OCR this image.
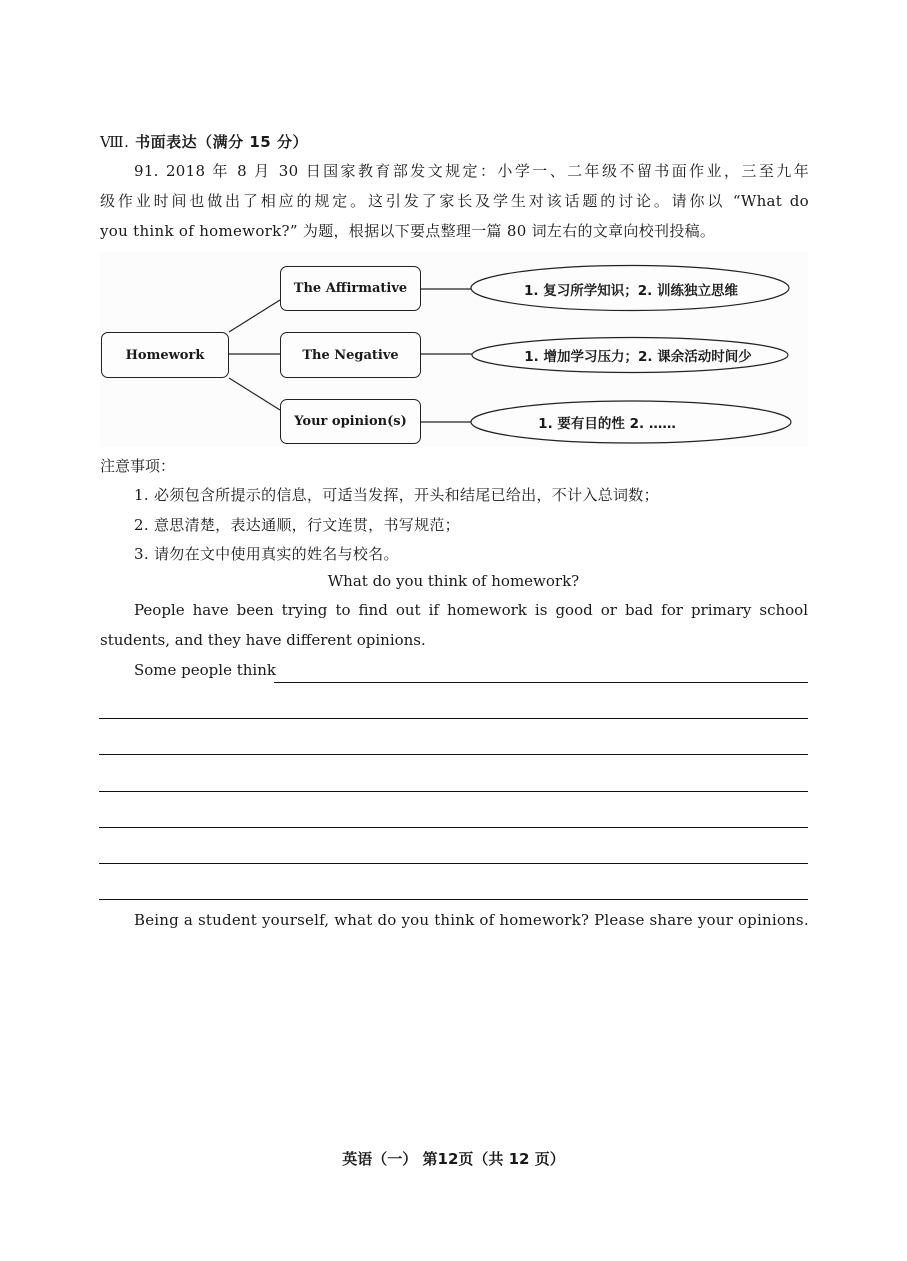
Ⅷ. 书面表达（满分 15 分）
91. 2018 年 8 月 30 日国家教育部发文规定：小学一、二年级不留书面作业，三至九年
级作业时间也做出了相应的规定。这引发了家长及学生对该话题的讨论。请你以 “What do
you think of homework?” 为题，根据以下要点整理一篇 80 词左右的文章向校刊投稿。
Homework
The Affirmative
The Negative
Your opinion(s)
1. 复习所学知识；2. 训练独立思维
1. 增加学习压力；2. 课余活动时间少
1. 要有目的性 2. ……
注意事项：
1. 必须包含所提示的信息，可适当发挥，开头和结尾已给出，不计入总词数；
2. 意思清楚，表达通顺，行文连贯，书写规范；
3. 请勿在文中使用真实的姓名与校名。
What do you think of homework?
People have been trying to find out if homework is good or bad for primary school
students, and they have different opinions.
Some people think
Being a student yourself, what do you think of homework? Please share your opinions.
英语（一） 第12页（共 12 页）
